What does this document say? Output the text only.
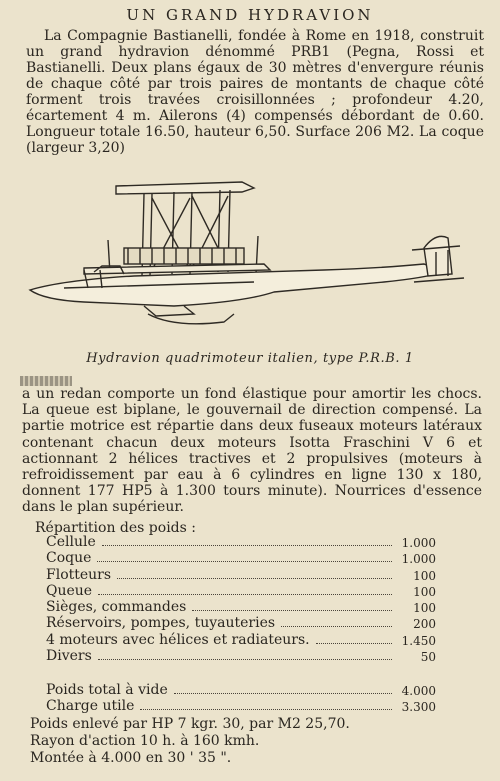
UN GRAND HYDRAVION

La Compagnie Bastianelli, fondée à Rome en 1918, construit un grand hydravion dénommé PRB1 (Pegna, Rossi et Bastianelli. Deux plans égaux de 30 mètres d'envergure réunis de chaque côté par trois paires de montants de chaque côté forment trois travées croisillonnées ; profondeur 4.20, écartement 4 m. Ailerons (4) compensés débordant de 0.60. Longueur totale 16.50, hauteur 6,50. Surface 206 M2. La coque (largeur 3,20)

Hydravion quadrimoteur italien, type P.R.B. 1

a un redan comporte un fond élastique pour amortir les chocs. La queue est biplane, le gouvernail de direction compensé. La partie motrice est répartie dans deux fuseaux moteurs latéraux contenant chacun deux moteurs Isotta Fraschini V 6 et actionnant 2 hélices tractives et 2 propulsives (moteurs à refroidissement par eau à 6 cylindres en ligne 130 x 180, donnent 177 HP5 à 1.300 tours minute). Nourrices d'essence dans le plan supérieur.

Répartition des poids :
Cellule	1.000
Coque	1.000
Flotteurs	100
Queue	100
Sièges, commandes	100
Réservoirs, pompes, tuyauteries	200
4 moteurs avec hélices et radiateurs.	1.450
Divers	50
Poids total à vide	4.000
Charge utile	3.300
Poids enlevé par HP 7 kgr. 30, par M2 25,70.
Rayon d'action 10 h. à 160 kmh.
Montée à 4.000 en 30 ' 35 ".
